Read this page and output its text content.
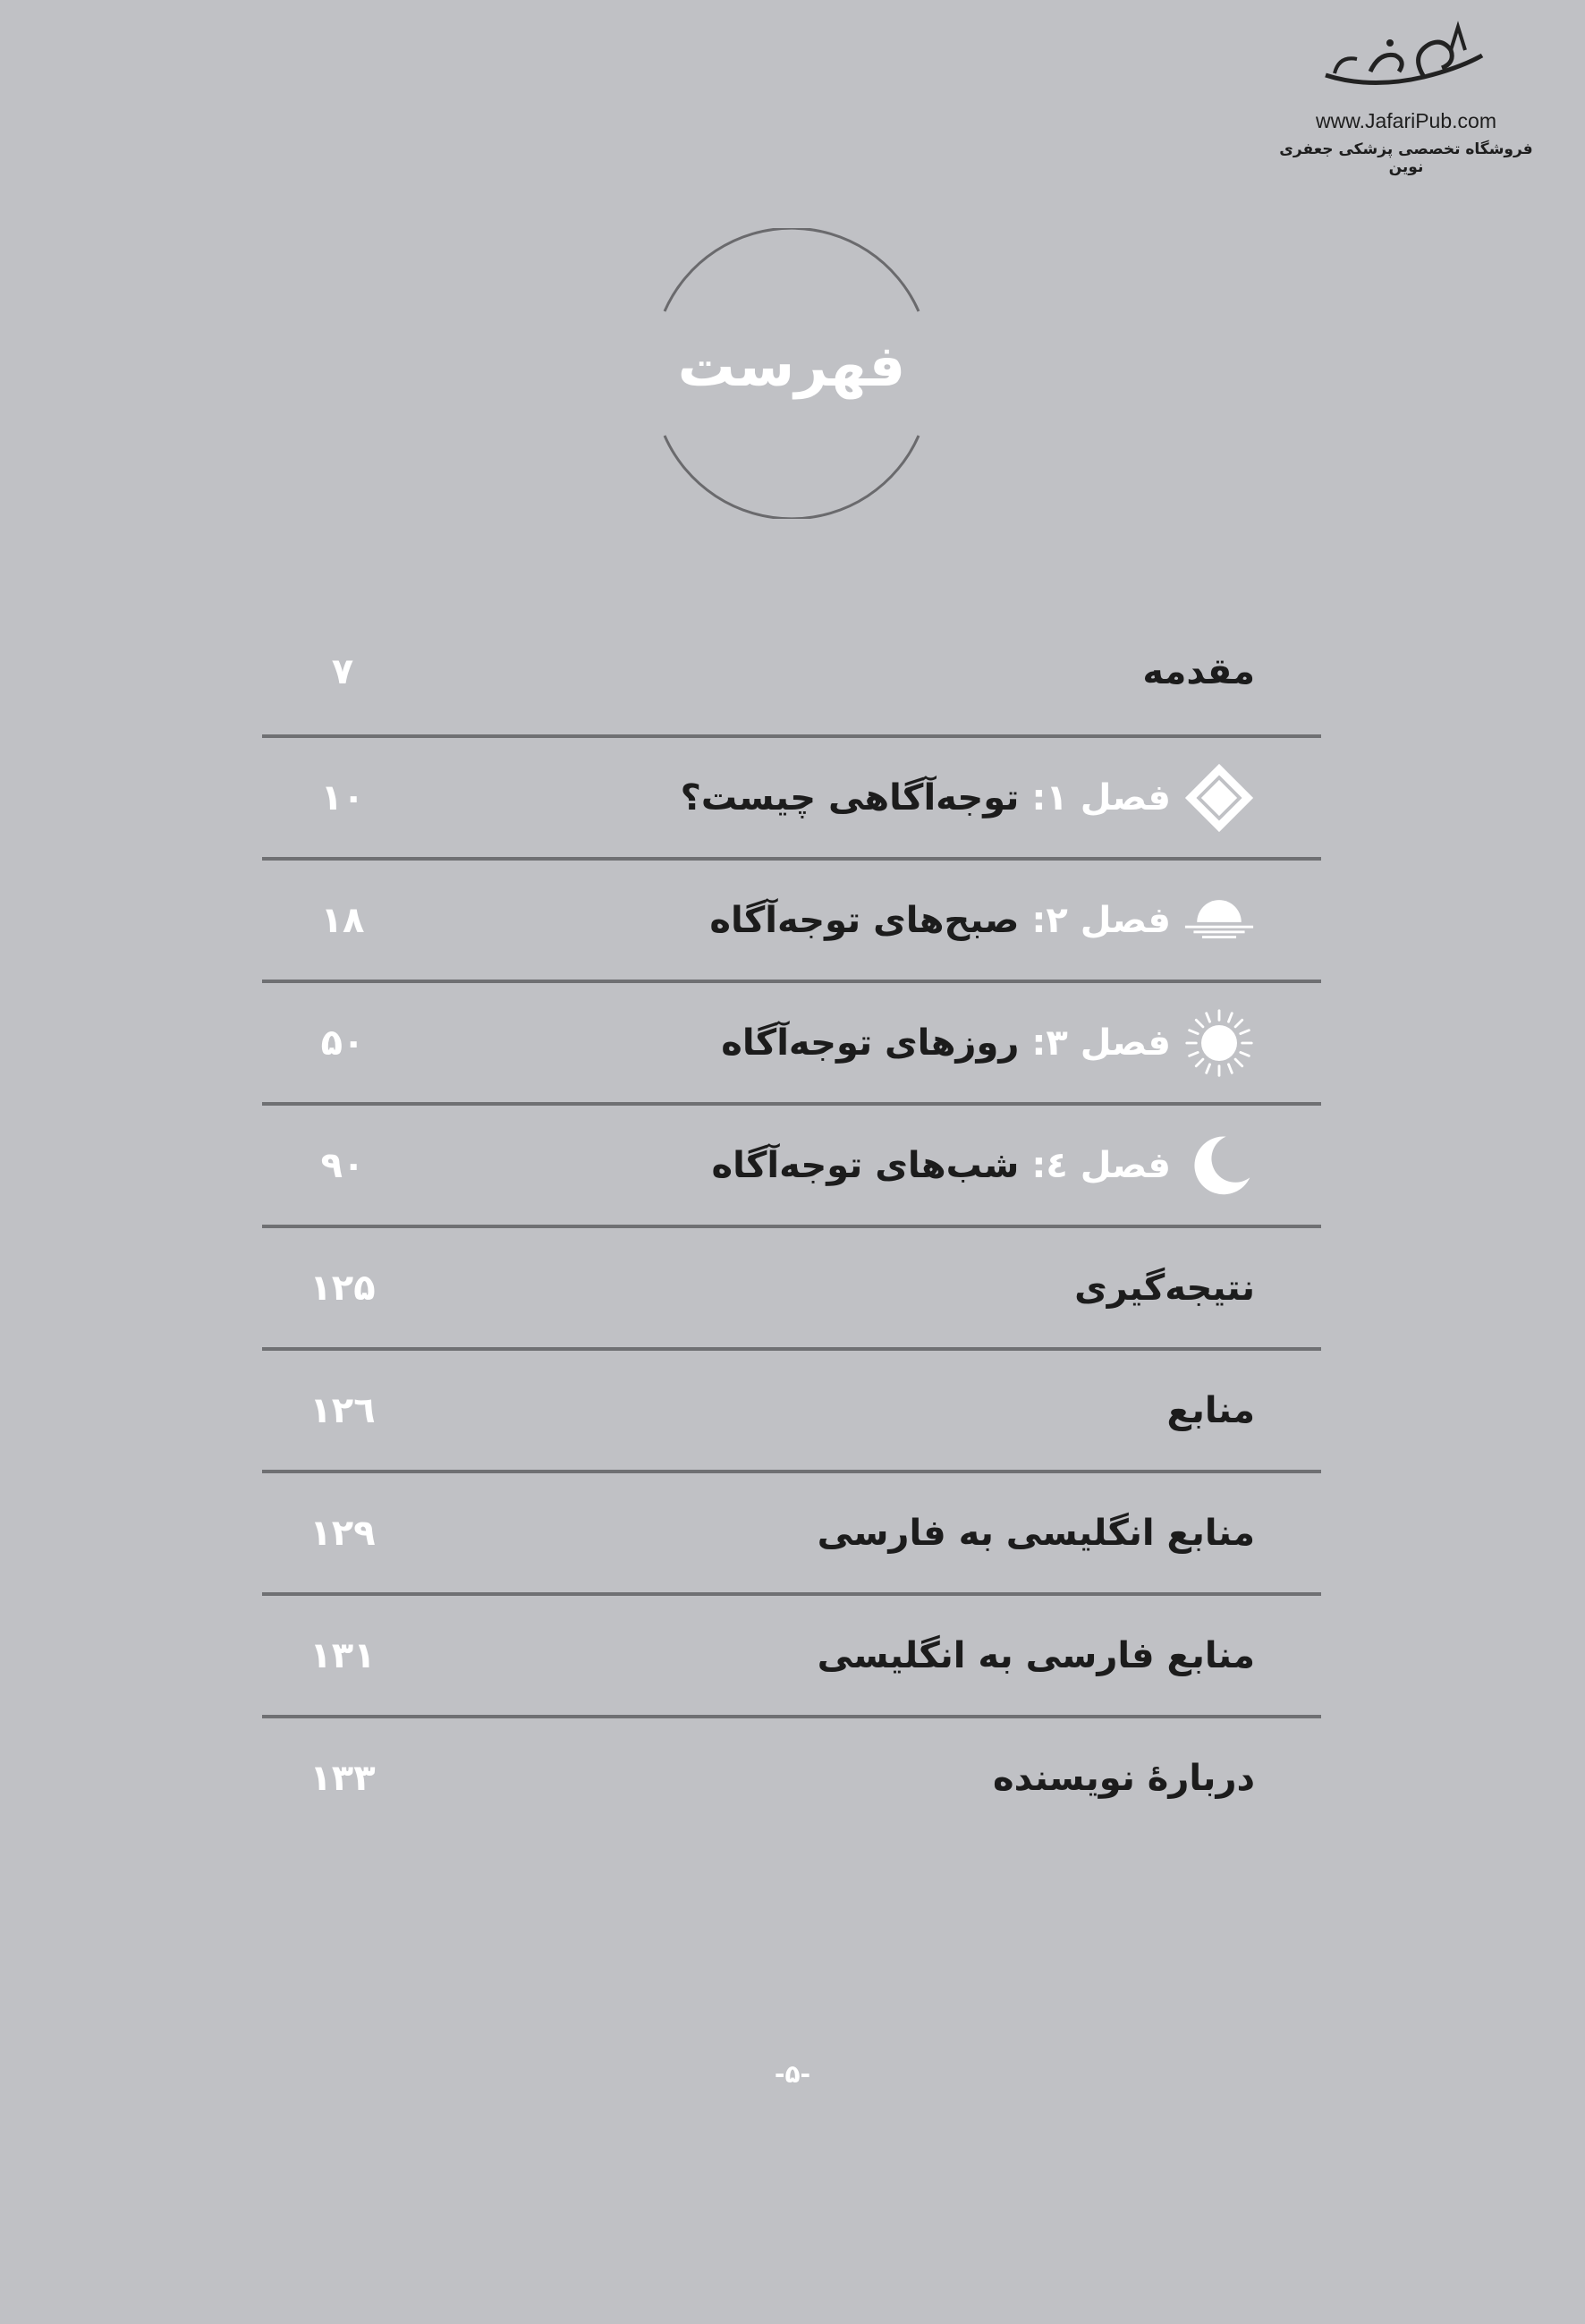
www.JafariPub.com
فروشگاه تخصصی پزشکی جعفری نوین
فهرست
مقدمه
۷
فصل ۱:
توجه‌آگاهی چیست؟
۱۰
فصل ۲:
صبح‌های توجه‌آگاه
۱۸
فصل ۳:
روزهای توجه‌آگاه
۵۰
فصل ٤:
شب‌های توجه‌آگاه
۹۰
نتیجه‌گیری
۱۲۵
منابع
۱۲٦
منابع انگلیسی به فارسی
۱۲۹
منابع فارسی به انگلیسی
۱۳۱
دربارهٔ نویسنده
۱۳۳
-۵-
